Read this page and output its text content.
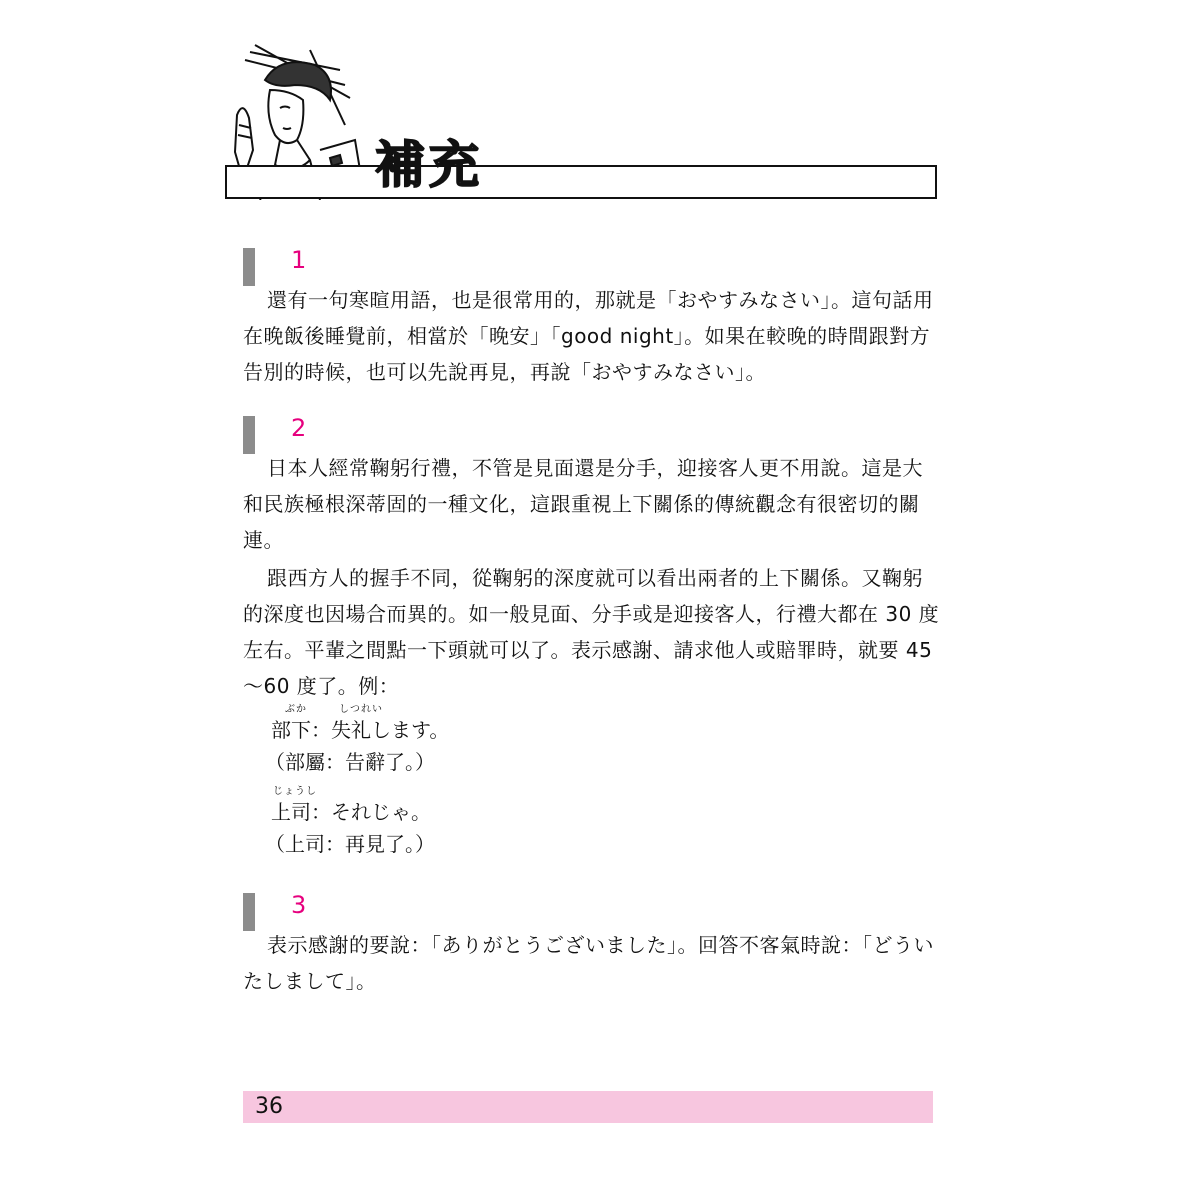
補充
1

還有一句寒暄用語，也是很常用的，那就是「おやすみなさい」。這句話用在晚飯後睡覺前，相當於「晚安」「good night」。如果在較晚的時間跟對方告別的時候，也可以先說再見，再說「おやすみなさい」。

2

日本人經常鞠躬行禮，不管是見面還是分手，迎接客人更不用說。這是大和民族極根深蒂固的一種文化，這跟重視上下關係的傳統觀念有很密切的關連。

跟西方人的握手不同，從鞠躬的深度就可以看出兩者的上下關係。又鞠躬的深度也因場合而異的。如一般見面、分手或是迎接客人，行禮大都在 30 度左右。平輩之間點一下頭就可以了。表示感謝、請求他人或賠罪時，就要 45～60 度了。例：

ぶか	しつれい
部下：失礼します。
（部屬：告辭了。）
じょうし
上司：それじゃ。
（上司：再見了。）
3

表示感謝的要說：「ありがとうございました」。回答不客氣時說：「どういたしまして」。

36
